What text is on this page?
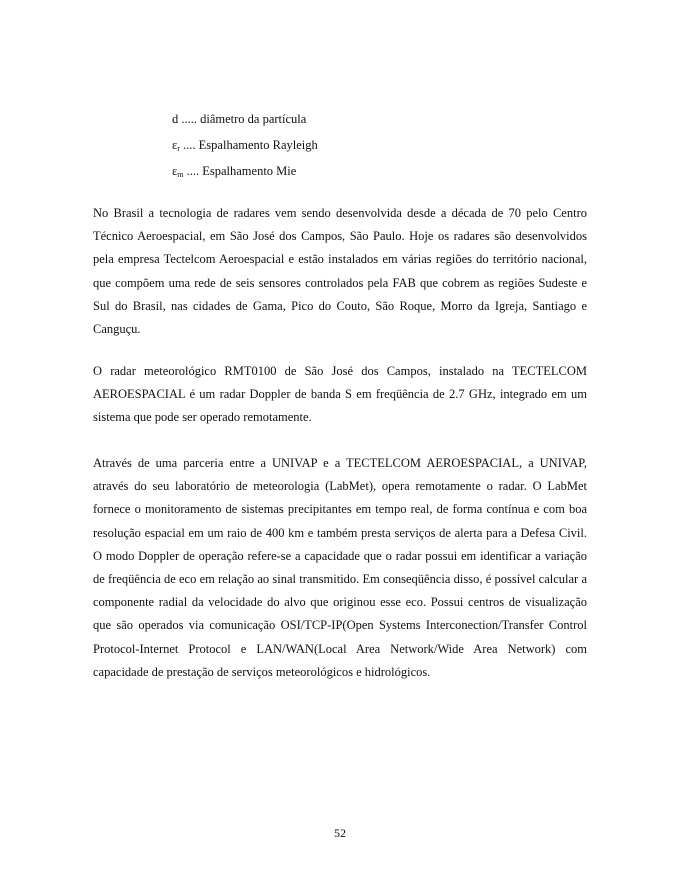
d ..... diâmetro da partícula
$\varepsilon_r$ .... Espalhamento Rayleigh
$\varepsilon_m$ .... Espalhamento Mie

No Brasil a tecnologia de radares vem sendo desenvolvida desde a década de 70 pelo Centro Técnico Aeroespacial, em São José dos Campos, São Paulo. Hoje os radares são desenvolvidos pela empresa Tectelcom Aeroespacial e estão instalados em várias regiões do território nacional, que compõem uma rede de seis sensores controlados pela FAB que cobrem as regiões Sudeste e Sul do Brasil, nas cidades de Gama, Pico do Couto, São Roque, Morro da Igreja, Santiago e Canguçu.

O radar meteorológico RMT0100 de São José dos Campos, instalado na TECTELCOM AEROESPACIAL é um radar Doppler de banda S em freqüência de 2.7 GHz, integrado em um sistema que pode ser operado remotamente.

Através de uma parceria entre a UNIVAP e a TECTELCOM AEROESPACIAL, a UNIVAP, através do seu laboratório de meteorologia (LabMet), opera remotamente o radar. O LabMet fornece o monitoramento de sistemas precipitantes em tempo real, de forma contínua e com boa resolução espacial em um raio de 400 km e também presta serviços de alerta para a Defesa Civil. O modo Doppler de operação refere-se a capacidade que o radar possui em identificar a variação de freqüência de eco em relação ao sinal transmitido. Em conseqüência disso, é possível calcular a componente radial da velocidade do alvo que originou esse eco. Possui centros de visualização que são operados via comunicação OSI/TCP-IP(Open Systems Interconection/Transfer Control Protocol-Internet Protocol e LAN/WAN(Local Area Network/Wide Area Network) com capacidade de prestação de serviços meteorológicos e hidrológicos.

52
